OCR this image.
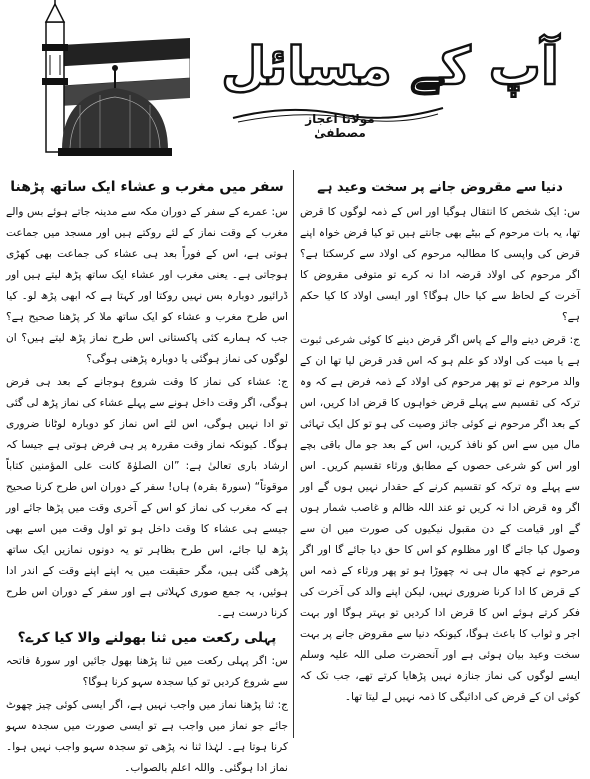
آپ کے مسائل
مولانا اعجاز مصطفیٰ
دنیا سے مقروض جانے پر سخت وعید ہے

س: ایک شخص کا انتقال ہوگیا اور اس کے ذمہ لوگوں کا قرض تھا، یہ بات مرحوم کے بیٹے بھی جانتے ہیں تو کیا قرض خواہ اپنے قرض کی واپسی کا مطالبہ مرحوم کی اولاد سے کرسکتا ہے؟ اگر مرحوم کی اولاد قرضہ ادا نہ کرے تو متوفی مقروض کا آخرت کے لحاظ سے کیا حال ہوگا؟ اور ایسی اولاد کا کیا حکم ہے؟

ج: قرض دینے والے کے پاس اگر قرض دینے کا کوئی شرعی ثبوت ہے یا میت کی اولاد کو علم ہو کہ اس قدر قرض لیا تھا ان کے والد مرحوم نے تو پھر مرحوم کی اولاد کے ذمہ فرض ہے کہ وہ ترکہ کی تقسیم سے پہلے قرض خواہوں کا قرض ادا کریں، اس کے بعد اگر مرحوم نے کوئی جائز وصیت کی ہو تو کل ایک تہائی مال میں سے اس کو نافذ کریں، اس کے بعد جو مال باقی بچے اور اس کو شرعی حصوں کے مطابق ورثاء تقسیم کریں۔ اس سے پہلے وہ ترکہ کو تقسیم کرنے کے حقدار نہیں ہوں گے اور اگر وہ قرض ادا نہ کریں تو عند اللہ ظالم و غاصب شمار ہوں گے اور قیامت کے دن مقبول نیکیوں کی صورت میں ان سے وصول کیا جائے گا اور مظلوم کو اس کا حق دیا جائے گا اور اگر مرحوم نے کچھ مال ہی نہ چھوڑا ہو تو پھر ورثاء کے ذمہ اس کے قرض کا ادا کرنا ضروری نہیں، لیکن اپنے والد کی آخرت کی فکر کرتے ہوئے اس کا قرض ادا کردیں تو بہتر ہوگا اور بہت اجر و ثواب کا باعث ہوگا، کیونکہ دنیا سے مقروض جانے پر بہت سخت وعید بیان ہوئی ہے اور آنحضرت صلی اللہ علیہ وسلم ایسے لوگوں کی نماز جنازہ نہیں پڑھایا کرتے تھے، جب تک کہ کوئی ان کے قرض کی ادائیگی کا ذمہ نہیں لے لیتا تھا۔

سفر میں مغرب و عشاء ایک ساتھ پڑھنا

س: عمرے کے سفر کے دوران مکہ سے مدینہ جاتے ہوئے بس والے مغرب کے وقت نماز کے لئے روکتے ہیں اور مسجد میں جماعت ہوتی ہے، اس کے فوراً بعد ہی عشاء کی جماعت بھی کھڑی ہوجاتی ہے۔ یعنی مغرب اور عشاء ایک ساتھ پڑھ لیتے ہیں اور ڈرائیور دوبارہ بس نہیں روکتا اور کہتا ہے کہ ابھی پڑھ لو۔ کیا اس طرح مغرب و عشاء کو ایک ساتھ ملا کر پڑھنا صحیح ہے؟ جب کہ ہمارے کئی پاکستانی اس طرح نماز پڑھ لیتے ہیں؟ ان لوگوں کی نماز ہوگئی یا دوبارہ پڑھنی ہوگی؟

ج: عشاء کی نماز کا وقت شروع ہوجانے کے بعد ہی فرض ہوگی، اگر وقت داخل ہونے سے پہلے عشاء کی نماز پڑھ لی گئی تو ادا نہیں ہوگی، اس لئے اس نماز کو دوبارہ لوٹانا ضروری ہوگا۔ کیونکہ نماز وقت مقررہ پر ہی فرض ہوتی ہے جیسا کہ ارشاد باری تعالیٰ ہے: ”ان الصلوٰۃ کانت علی المؤمنین کتاباً موقوتاً“ (سورۃ بقرہ) ہاں! سفر کے دوران اس طرح کرنا صحیح ہے کہ مغرب کی نماز کو اس کے آخری وقت میں پڑھا جائے اور جیسے ہی عشاء کا وقت داخل ہو تو اول وقت میں اسے بھی پڑھ لیا جائے، اس طرح بظاہر تو یہ دونوں نمازیں ایک ساتھ پڑھی گئی ہیں، مگر حقیقت میں یہ اپنے اپنے وقت کے اندر ادا ہوئیں، یہ جمع صوری کہلاتی ہے اور سفر کے دوران اس طرح کرنا درست ہے۔

پہلی رکعت میں ثنا بھولنے والا کیا کرے؟

س: اگر پہلی رکعت میں ثنا پڑھنا بھول جائیں اور سورۂ فاتحہ سے شروع کردیں تو کیا سجدہ سہو کرنا ہوگا؟

ج: ثنا پڑھنا نماز میں واجب نہیں ہے، اگر ایسی کوئی چیز چھوٹ جائے جو نماز میں واجب ہے تو ایسی صورت میں سجدہ سہو کرنا ہوتا ہے۔ لہٰذا ثنا نہ پڑھی تو سجدہ سہو واجب نہیں ہوا۔ نماز ادا ہوگئی۔ واللہ اعلم بالصواب۔
